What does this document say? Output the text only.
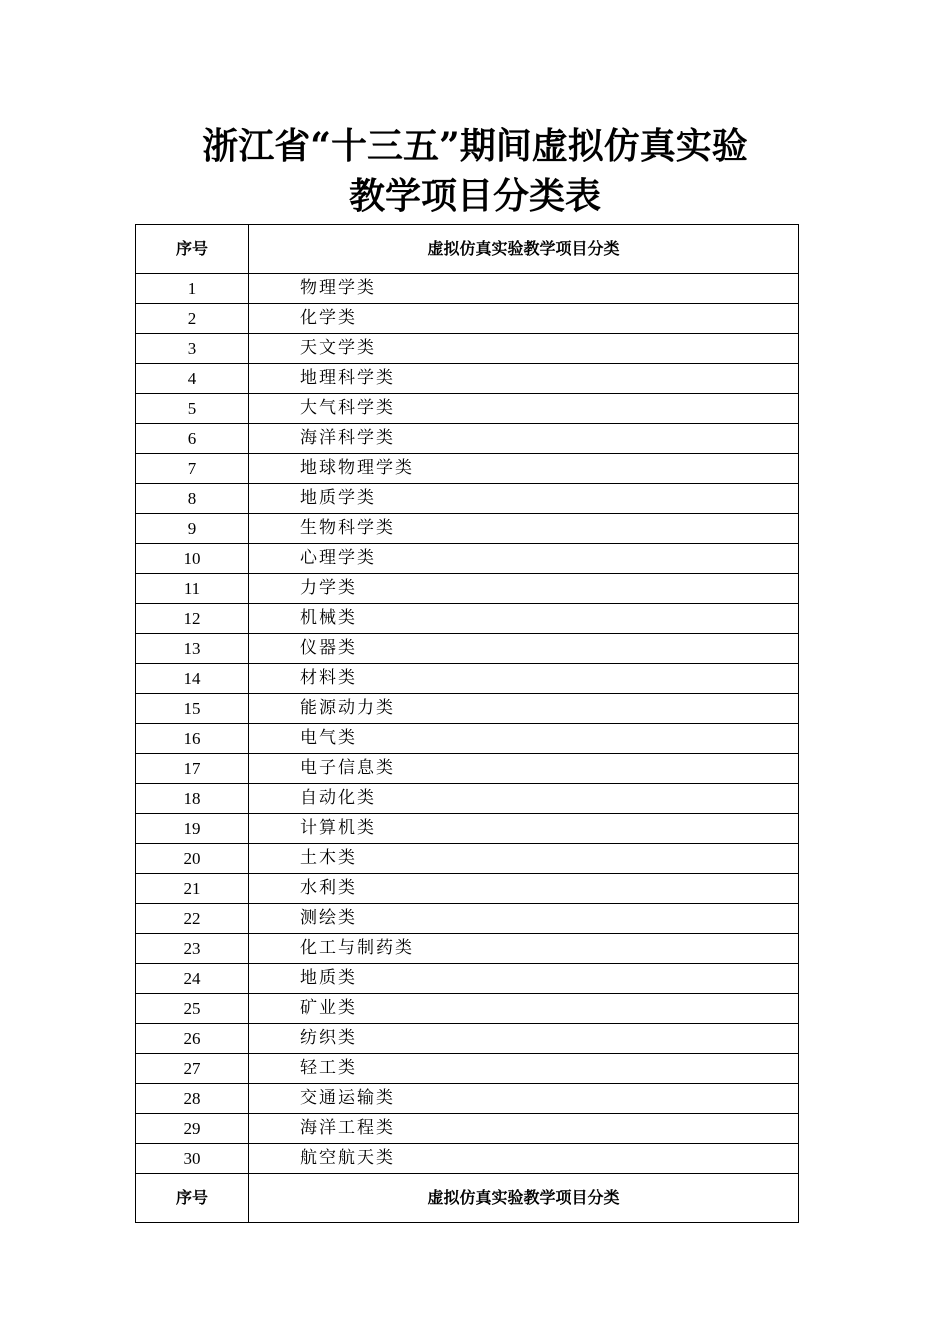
浙江省“十三五”期间虚拟仿真实验
教学项目分类表
序号	虚拟仿真实验教学项目分类
1	物理学类
2	化学类
3	天文学类
4	地理科学类
5	大气科学类
6	海洋科学类
7	地球物理学类
8	地质学类
9	生物科学类
10	心理学类
11	力学类
12	机械类
13	仪器类
14	材料类
15	能源动力类
16	电气类
17	电子信息类
18	自动化类
19	计算机类
20	土木类
21	水利类
22	测绘类
23	化工与制药类
24	地质类
25	矿业类
26	纺织类
27	轻工类
28	交通运输类
29	海洋工程类
30	航空航天类
序号	虚拟仿真实验教学项目分类
